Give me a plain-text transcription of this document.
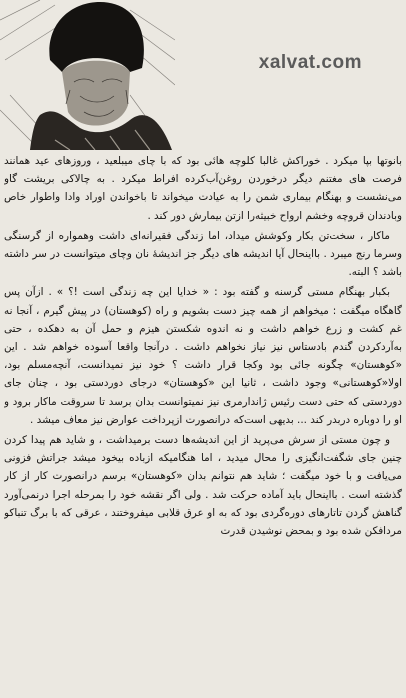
xalvat.com

بانوتها بپا میکرد . خوراکش غالبا کلوچه هائی بود که با چای میبلعید ، وروزهای عید همانند فرصت های مغتنم دیگر درخوردن روغن‌آب‌کرده افراط میکرد . به چالاکی بریشت گاو می‌نشست و بهنگام بیماری شمن را به عیادت میخواند تا باخواندن اوراد وادا واطوار خاص وبادندان قروچه وخشم ارواح خبیثه‌را ازتن بیمارش دور کند .

ماکار ، سخت‌تن بکار وکوشش میداد، اما زندگی فقیرانه‌ای داشت وهمواره از گرسنگی وسرما رنج میبرد . بااینحال آیا اندیشه های دیگر جز اندیشهٔ نان وچای میتوانست در سر داشته باشد ؟ البته.

بکبار بهنگام مستی گرسنه و گفته بود : « خدایا این چه زندگی است !؟ » . ازآن پس گاهگاه میگفت : میخواهم از همه چیز دست بشویم و راه (کوهستان) در پیش گیرم ، آنجا نه غم کشت و زرع خواهم داشت و نه اندوه شکستن هیزم و حمل آن به دهکده ، حتی به‌آردکردن گندم بادستاس نیز نیاز نخواهم داشت . درآنجا واقعا آسوده خواهم شد . این «کوهستان» چگونه جائی بود وکجا قرار داشت ؟ خود نیز نمیدانست، آنچه‌مسلم بود، اولا«کوهستانی» وجود داشت ، ثانیا این «کوهستان» درجای دوردستی بود ، چنان جای دوردستی که حتی دست رئیس ژاندارمری نیز نمیتوانست بدان برسد تا سروقت ماکار برود و او را دوباره دربدر کند ... بدیهی است‌که درانصورت ازپرداخت عوارض نیز معاف میشد .

و چون مستی از سرش می‌پرید از این اندیشه‌ها دست برمیداشت ، و شاید هم پیدا کردن چنین جای شگفت‌انگیزی را محال میدید ، اما هنگامیکه ازباده بیخود میشد جراتش فزونی می‌یافت و با خود میگفت ؛ شاید هم نتوانم بدان «کوهستان» برسم درانصورت کار از کار گذشته است . بااینحال باید آماده حرکت شد . ولی اگر نقشه خود را بمرحله اجرا درنمی‌آورد گناهش گردن تاتارهای دوره‌گردی بود که به او عرق قلابی میفروختند ، عرقی که با برگ تنباکو مردافکن شده بود و بمحض نوشیدن قدرت
